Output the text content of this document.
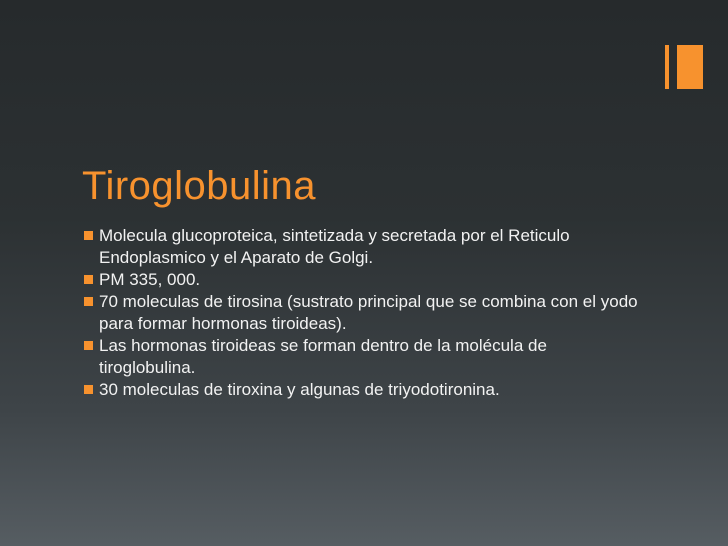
Tiroglobulina
Molecula glucoproteica, sintetizada y secretada por el Reticulo Endoplasmico y el Aparato de Golgi.
PM 335, 000.
70 moleculas de tirosina (sustrato principal que se combina con el yodo para formar hormonas tiroideas).
Las hormonas tiroideas se forman dentro de la molécula de tiroglobulina.
30 moleculas de tiroxina y algunas de triyodotironina.
